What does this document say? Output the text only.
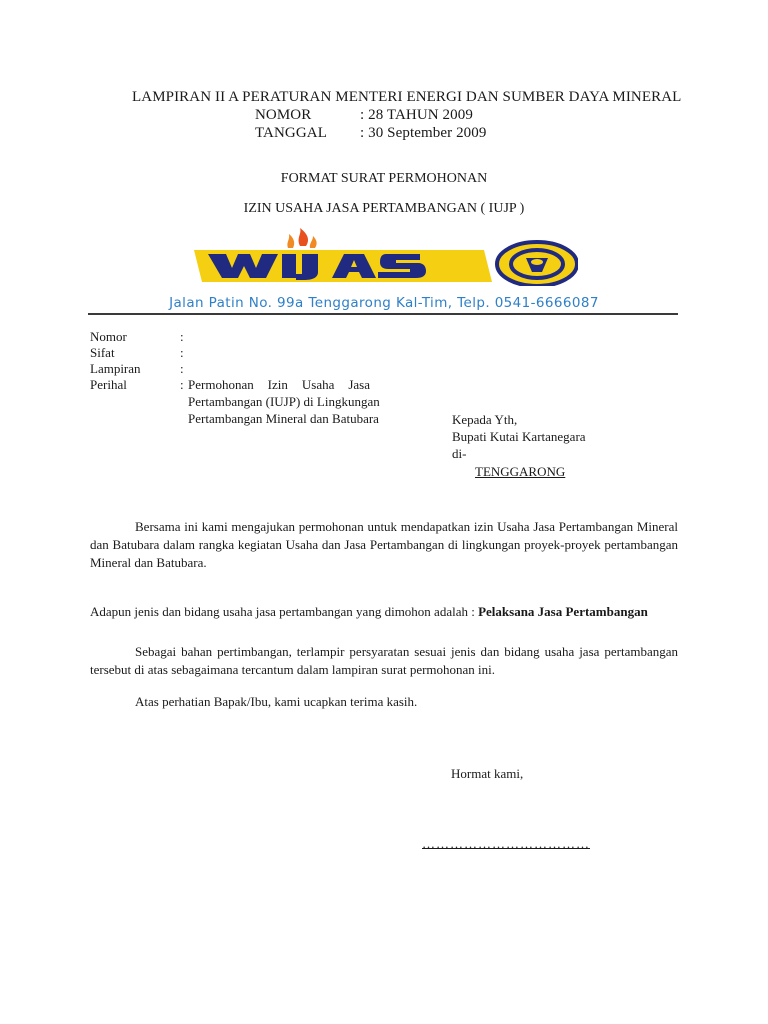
LAMPIRAN II A PERATURAN MENTERI ENERGI DAN SUMBER DAYA MINERAL
NOMOR	: 28 TAHUN 2009
TANGGAL : 30 September 2009
FORMAT SURAT PERMOHONAN
IZIN USAHA JASA PERTAMBANGAN ( IUJP )
Jalan Patin No. 99a Tenggarong Kal-Tim, Telp. 0541-6666087
Nomor	:
Sifat	:
Lampiran	:
Perihal	: Permohonan Izin Usaha Jasa
Pertambangan (IUJP) di Lingkungan
Pertambangan Mineral dan Batubara	Kepada Yth,
Bupati Kutai Kartanegara
di-
TENGGARONG
Bersama ini kami mengajukan permohonan untuk mendapatkan izin Usaha Jasa Pertambangan Mineral dan Batubara dalam rangka kegiatan Usaha dan Jasa Pertambangan di lingkungan proyek-proyek pertambangan Mineral dan Batubara.
Adapun jenis dan bidang usaha jasa pertambangan yang dimohon adalah : Pelaksana Jasa Pertambangan
Sebagai bahan pertimbangan, terlampir persyaratan sesuai jenis dan bidang usaha jasa pertambangan tersebut di atas sebagaimana tercantum dalam lampiran surat permohonan ini.
Atas perhatian Bapak/Ibu, kami ucapkan terima kasih.
Hormat kami,
………………………………
